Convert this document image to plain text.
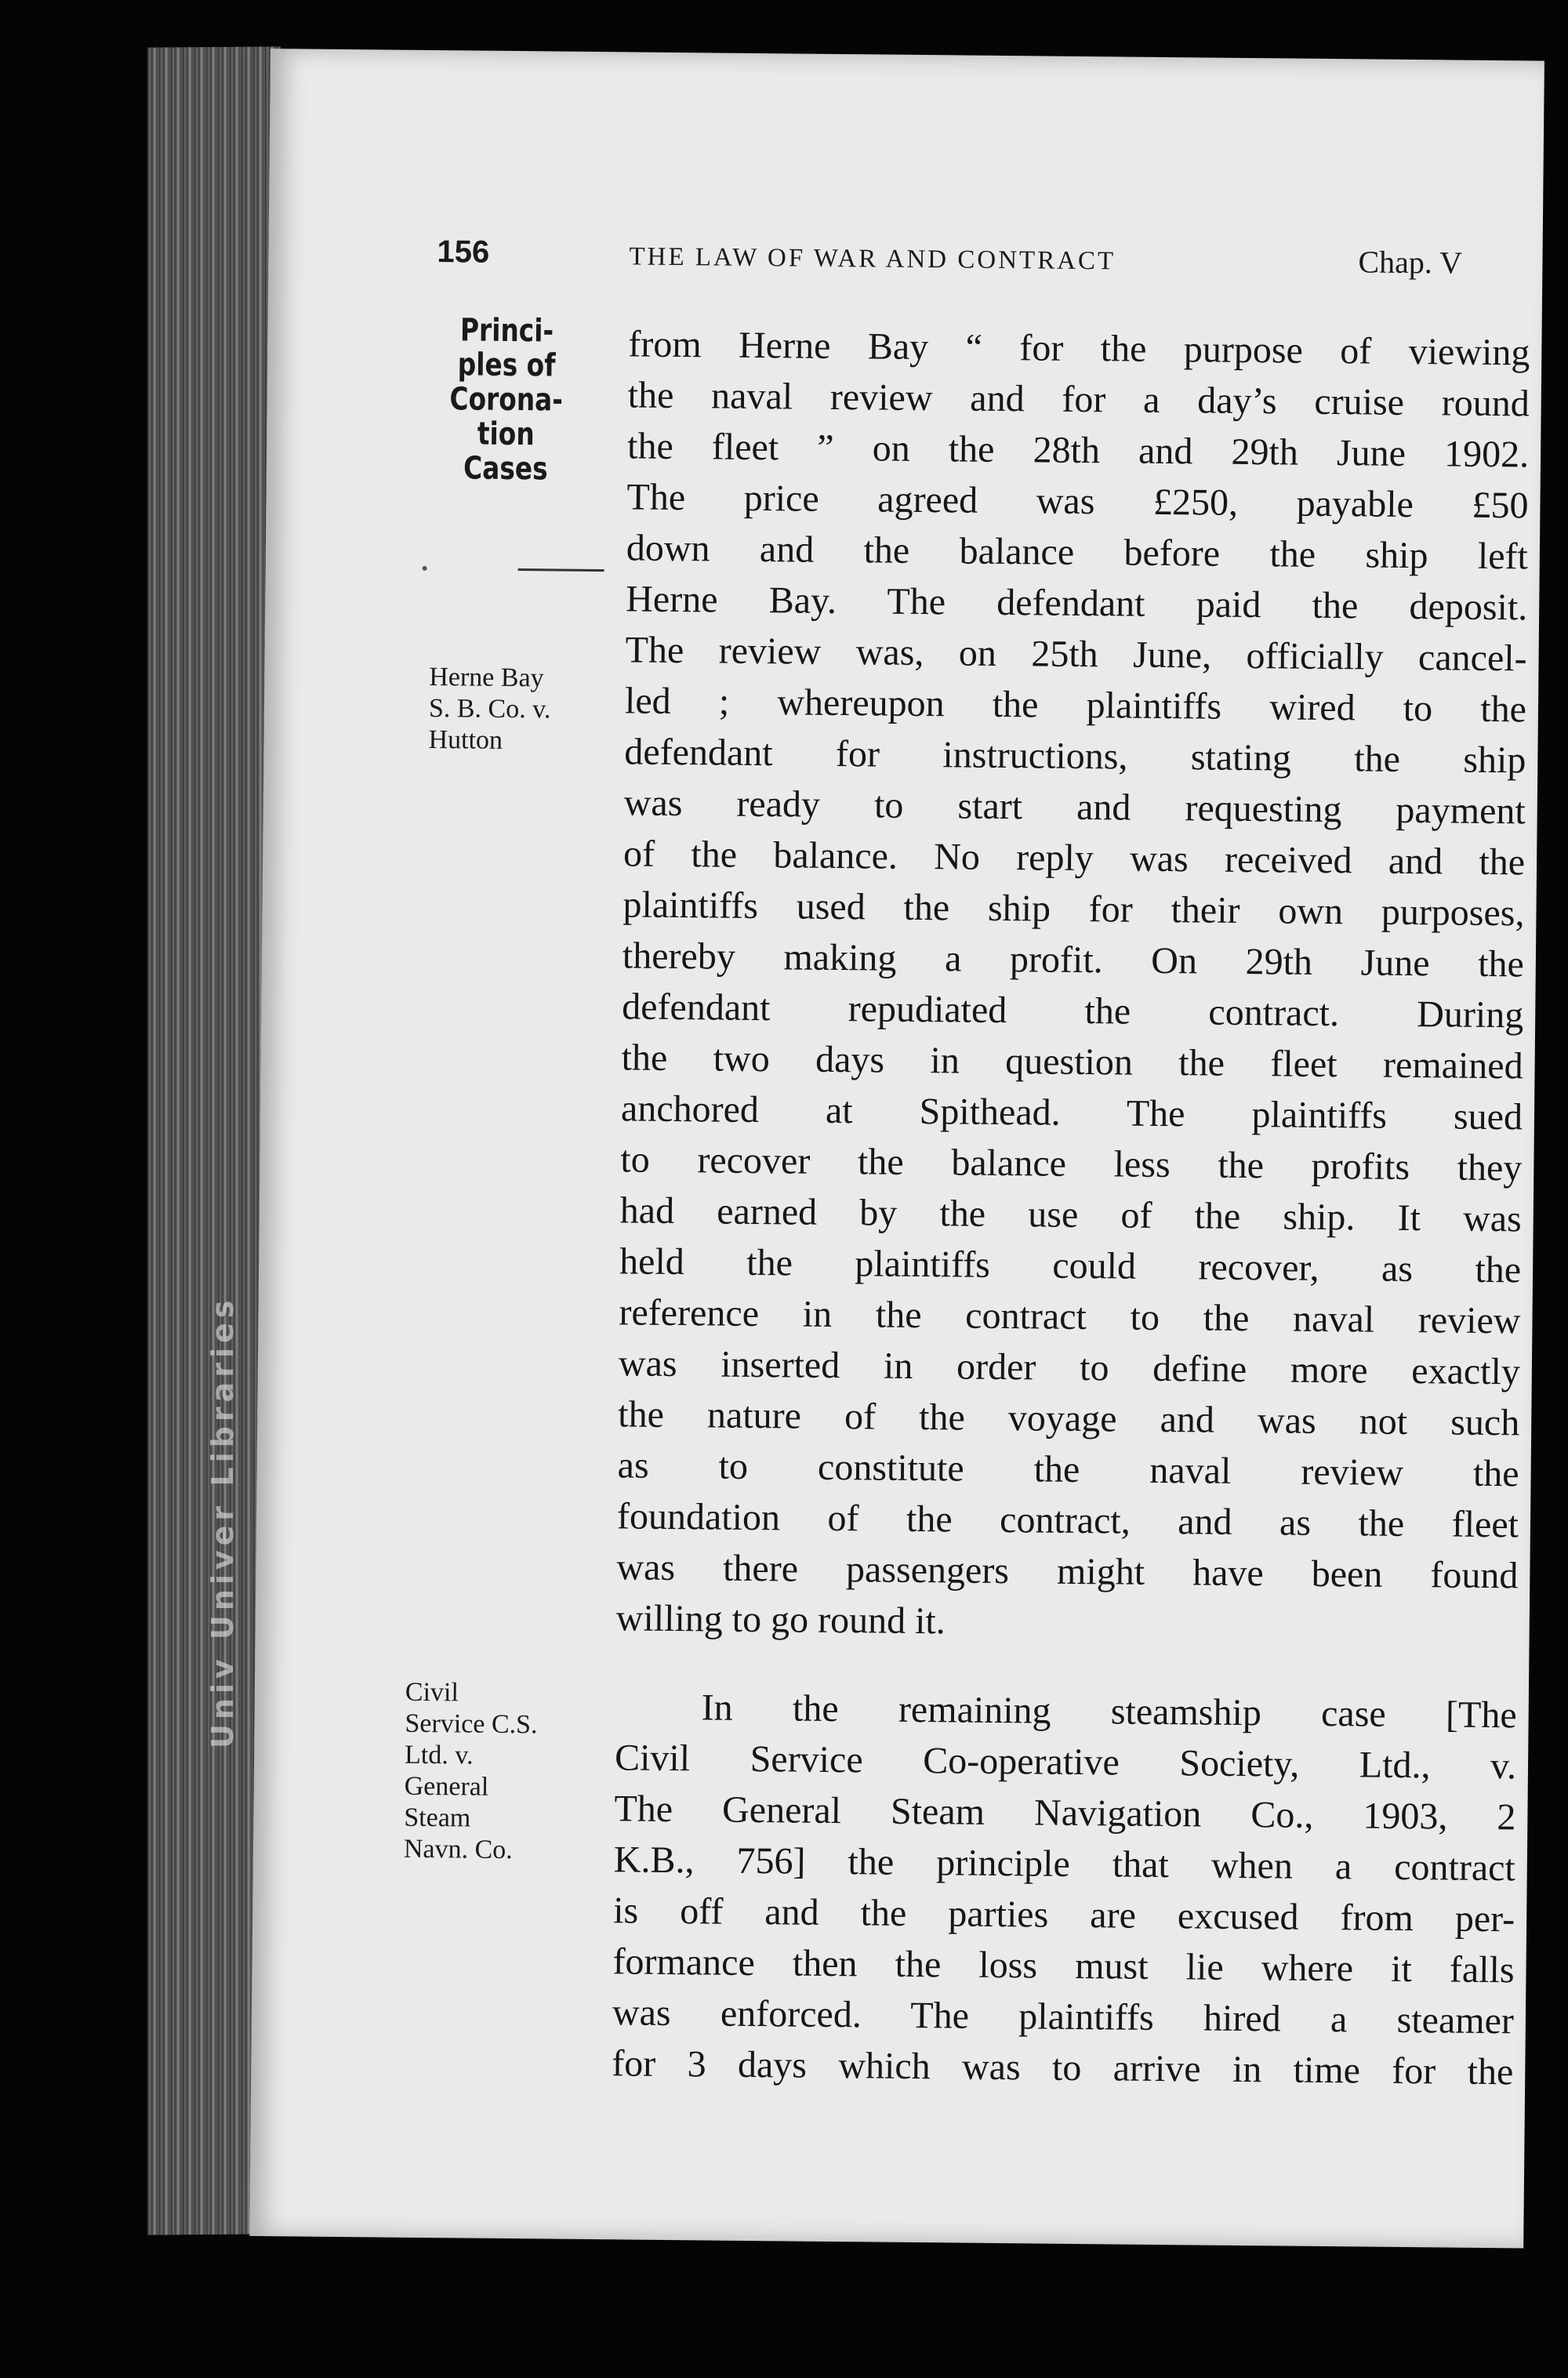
Univ Univer Libraries
156	THE LAW OF WAR AND CONTRACT	Chap. V
Princi-
ples of
Corona-
tion
Cases
Herne Bay
S. B. Co. v.
Hutton
Civil
Service C.S.
Ltd. v.
General
Steam
Navn. Co.
from Herne Bay “ for the purpose of viewing
the naval review and for a day’s cruise round
the fleet ” on the 28th and 29th June 1902.
The price agreed was £250, payable £50
down and the balance before the ship left
Herne Bay. The defendant paid the deposit.
The review was, on 25th June, officially cancel-
led ; whereupon the plaintiffs wired to the
defendant for instructions, stating the ship
was ready to start and requesting payment
of the balance. No reply was received and the
plaintiffs used the ship for their own purposes,
thereby making a profit. On 29th June the
defendant repudiated the contract. During
the two days in question the fleet remained
anchored at Spithead. The plaintiffs sued
to recover the balance less the profits they
had earned by the use of the ship. It was
held the plaintiffs could recover, as the
reference in the contract to the naval review
was inserted in order to define more exactly
the nature of the voyage and was not such
as to constitute the naval review the
foundation of the contract, and as the fleet
was there passengers might have been found
willing to go round it.
In the remaining steamship case [The
Civil Service Co-operative Society, Ltd., v.
The General Steam Navigation Co., 1903, 2
K.B., 756] the principle that when a contract
is off and the parties are excused from per-
formance then the loss must lie where it falls
was enforced. The plaintiffs hired a steamer
for 3 days which was to arrive in time for the
